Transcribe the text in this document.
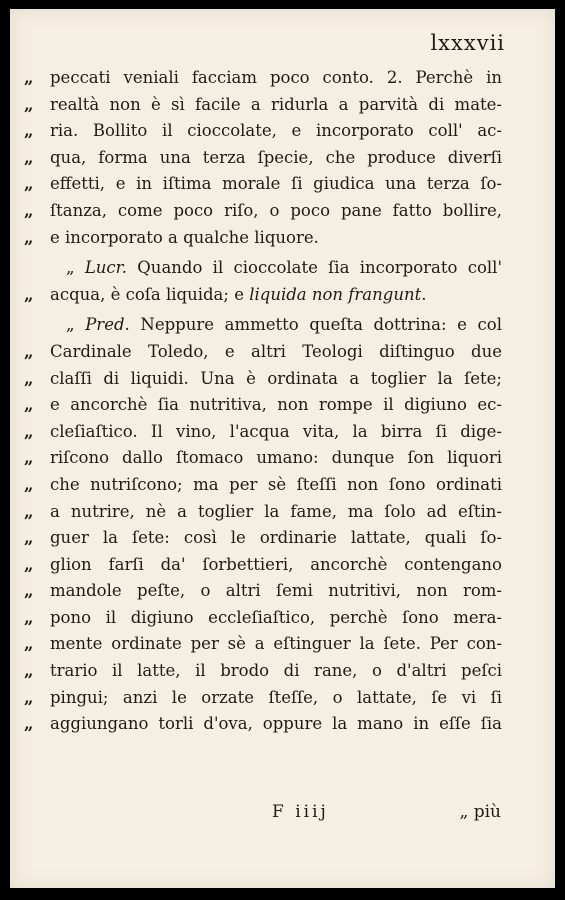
lxxxvii
„	peccati veniali facciam poco conto. 2. Perchè in
„	realtà non è sì facile a ridurla a parvità di mate-
„	ria. Bollito il cioccolate, e incorporato coll' ac-
„	qua, forma una terza ſpecie, che produce diverſi
„	effetti, e in iſtima morale ſi giudica una terza ſo-
„	ſtanza, come poco riſo, o poco pane fatto bollire,
„	e incorporato a qualche liquore.
„ Lucr. Quando il cioccolate ſia incorporato coll'
„	acqua, è coſa liquida; e liquida non frangunt.
„ Pred. Neppure ammetto queſta dottrina: e col
„	Cardinale Toledo, e altri Teologi diſtinguo due
„	claſſi di liquidi. Una è ordinata a toglier la ſete;
„	e ancorchè ſia nutritiva, non rompe il digiuno ec-
„	cleſiaſtico. Il vino, l'acqua vita, la birra ſi dige-
„	riſcono dallo ſtomaco umano: dunque ſon liquori
„	che nutriſcono; ma per sè ſteſſi non ſono ordinati
„	a nutrire, nè a toglier la fame, ma ſolo ad eſtin-
„	guer la ſete: così le ordinarie lattate, quali ſo-
„	glion farſi da' ſorbettieri, ancorchè contengano
„	mandole peſte, o altri ſemi nutritivi, non rom-
„	pono il digiuno eccleſiaſtico, perchè ſono mera-
„	mente ordinate per sè a eſtinguer la ſete. Per con-
„	trario il latte, il brodo di rane, o d'altri peſci
„	pingui; anzi le orzate ſteſſe, o lattate, ſe vi ſi
„	aggiungano torli d'ova, oppure la mano in eſſe ſia
F iiij	„ più
